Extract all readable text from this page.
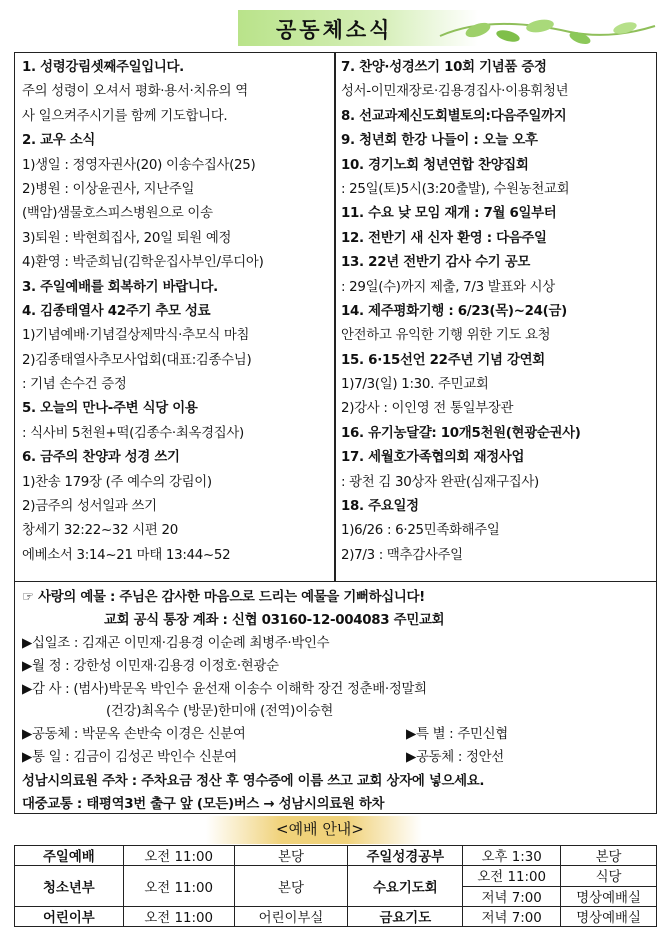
공동체소식
1. 성령강림셋째주일입니다.
주의 성령이 오셔서 평화·용서·치유의 역
사 일으켜주시기를 함께 기도합니다.
2. 교우 소식
1)생일 : 정영자권사(20) 이송수집사(25)
2)병원 : 이상윤권사, 지난주일
(백암)샘물호스피스병원으로 이송
3)퇴원 : 박현희집사, 20일 퇴원 예정
4)환영 : 박준희님(김학운집사부인/루디아)
3. 주일예배를 회복하기 바랍니다.
4. 김종태열사 42주기 추모 성료
1)기념예배·기념걸상제막식·추모식 마침
2)김종태열사추모사업회(대표:김종수님)
: 기념 손수건 증정
5. 오늘의 만나-주변 식당 이용
: 식사비 5천원+떡(김종수·최옥경집사)
6. 금주의 찬양과 성경 쓰기
1)찬송 179장 (주 예수의 강림이)
2)금주의 성서일과 쓰기
창세기 32:22~32 시편 20
에베소서 3:14~21 마태 13:44~52
7. 찬양·성경쓰기 10회 기념품 증정
성서-이민재장로·김용경집사·이용휘청년
8. 선교과제신도회별토의:다음주일까지
9. 청년회 한강 나들이 : 오늘 오후
10. 경기노회 청년연합 찬양집회
: 25일(토)5시(3:20출발), 수원농천교회
11. 수요 낮 모임 재개 : 7월 6일부터
12. 전반기 새 신자 환영 : 다음주일
13. 22년 전반기 감사 수기 공모
: 29일(수)까지 제출, 7/3 발표와 시상
14. 제주평화기행 : 6/23(목)~24(금)
안전하고 유익한 기행 위한 기도 요청
15. 6·15선언 22주년 기념 강연회
1)7/3(일) 1:30. 주민교회
2)강사 : 이인영 전 통일부장관
16. 유기농달걀: 10개5천원(현광순권사)
17. 세월호가족협의회 재정사업
: 광천 김 30상자 완판(심재구집사)
18. 주요일정
1)6/26 : 6·25민족화해주일
2)7/3 : 맥추감사주일
☞ 사랑의 예물 : 주님은 감사한 마음으로 드리는 예물을 기뻐하십니다!
교회 공식 통장 계좌 : 신협 03160-12-004083 주민교회
▶십일조 : 김재곤 이민재·김용경 이순례 최병주·박인수
▶월 정 : 강한성 이민재·김용경 이정호·현광순
▶감 사 : (범사)박문옥 박인수 윤선재 이송수 이해학 장건 정춘배·정말희
(건강)최옥수 (방문)한미애 (전역)이승현
▶공동체 : 박문옥 손반숙 이경은 신분여	▶특 별 : 주민신협
▶통 일 : 김금이 김성곤 박인수 신분여	▶공동체 : 정안선
성남시의료원 주차 : 주차요금 정산 후 영수증에 이름 쓰고 교회 상자에 넣으세요.
대중교통 : 태평역3번 출구 앞 (모든)버스 → 성남시의료원 하차
<예배 안내>
주일예배	오전 11:00	본당	주일성경공부	오후 1:30	본당
청소년부	오전 11:00	본당	수요기도회	오전 11:00	식당
				저녁 7:00	명상예배실
어린이부	오전 11:00	어린이부실	금요기도	저녁 7:00	명상예배실
